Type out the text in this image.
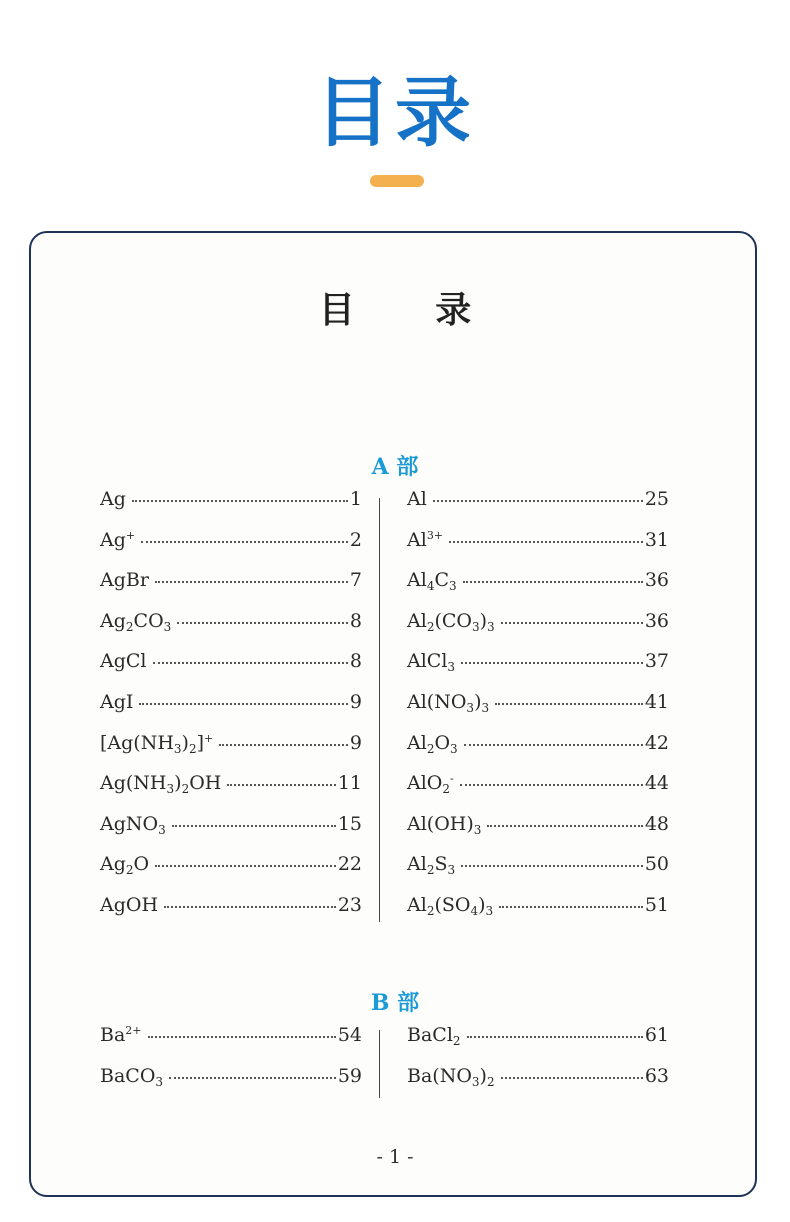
目录
目 录
A 部
Ag	1
Ag+	2
AgBr	7
$Ag_2CO_3$	8
AgCl	8
AgI	9
$[Ag(NH_3)_2]^+$	9
$Ag(NH_3)_2OH$	11
AgNO$_3$	15
$Ag_2O$	22
AgOH	23
Al	25
$Al^{3+}$	31
$Al_4C_3$	36
$Al_2(CO_3)_3$	36
AlCl$_3$	37
$Al(NO_3)_3$	41
$Al_2O_3$	42
AlO$_2$-	44
$Al(OH)_3$	48
$Al_2S_3$	50
$Al_2(SO_4)_3$	51
B 部
$Ba^{2+}$	54
BaCO$_3$	59
BaCl$_2$	61
$Ba(NO_3)_2$	63
- 1 -
